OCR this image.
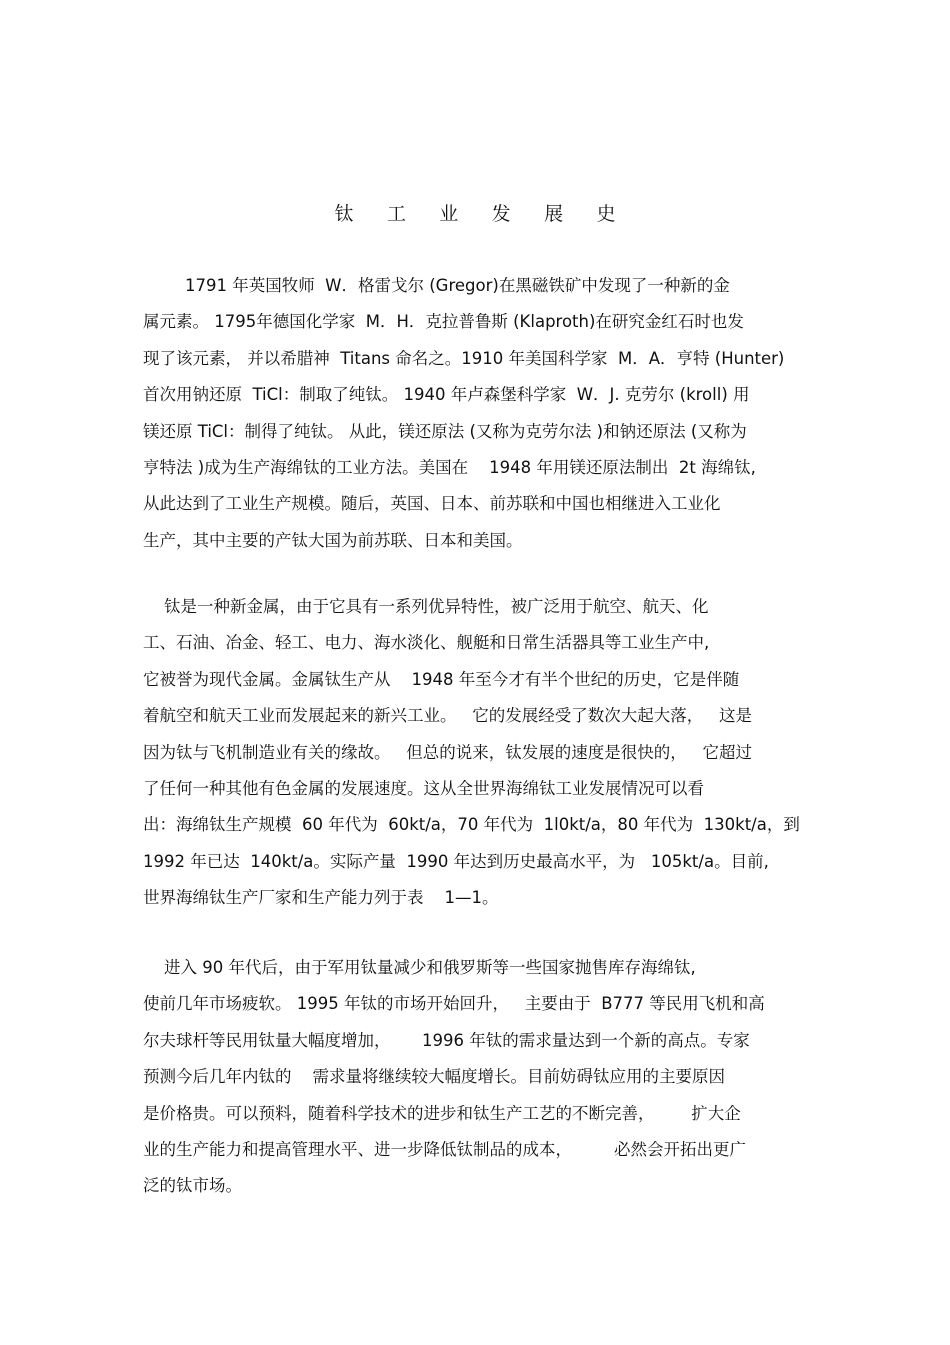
钛 工 业 发 展 史
1791 年英国牧师  W．格雷戈尔 (Gregor)在黑磁铁矿中发现了一种新的金
属元素。 1795年德国化学家  M．H．克拉普鲁斯 (Klaproth)在研究金红石时也发
现了该元素， 并以希腊神  Titans 命名之。1910 年美国科学家  M．A．亨特 (Hunter)
首次用钠还原  TiCl：制取了纯钛。 1940 年卢森堡科学家  W．J. 克劳尔 (kroll) 用
镁还原 TiCl：制得了纯钛。 从此，镁还原法 (又称为克劳尔法 )和钠还原法 (又称为
亨特法 )成为生产海绵钛的工业方法。美国在    1948 年用镁还原法制出  2t 海绵钛,
从此达到了工业生产规模。随后，英国、日本、前苏联和中国也相继进入工业化
生产，其中主要的产钛大国为前苏联、日本和美国。
钛是一种新金属，由于它具有一系列优异特性，被广泛用于航空、航天、化
工、石油、冶金、轻工、电力、海水淡化、舰艇和日常生活器具等工业生产中,
它被誉为现代金属。金属钛生产从    1948 年至今才有半个世纪的历史，它是伴随
着航空和航天工业而发展起来的新兴工业。   它的发展经受了数次大起大落，   这是
因为钛与飞机制造业有关的缘故。   但总的说来，钛发展的速度是很快的，   它超过
了任何一种其他有色金属的发展速度。这从全世界海绵钛工业发展情况可以看
出：海绵钛生产规模  60 年代为  60kt/a，70 年代为  1l0kt/a，80 年代为  130kt/a，到
1992 年已达  140kt/a。实际产量  1990 年达到历史最高水平，为   105kt/a。目前,
世界海绵钛生产厂家和生产能力列于表    1—1。
进入 90 年代后，由于军用钛量减少和俄罗斯等一些国家抛售库存海绵钛,
使前几年市场疲软。 1995 年钛的市场开始回升，   主要由于  B777 等民用飞机和高
尔夫球杆等民用钛量大幅度增加，      1996 年钛的需求量达到一个新的高点。专家
预测今后几年内钛的    需求量将继续较大幅度增长。目前妨碍钛应用的主要原因
是价格贵。可以预料，随着科学技术的进步和钛生产工艺的不断完善，       扩大企
业的生产能力和提高管理水平、进一步降低钛制品的成本，        必然会开拓出更广
泛的钛市场。
